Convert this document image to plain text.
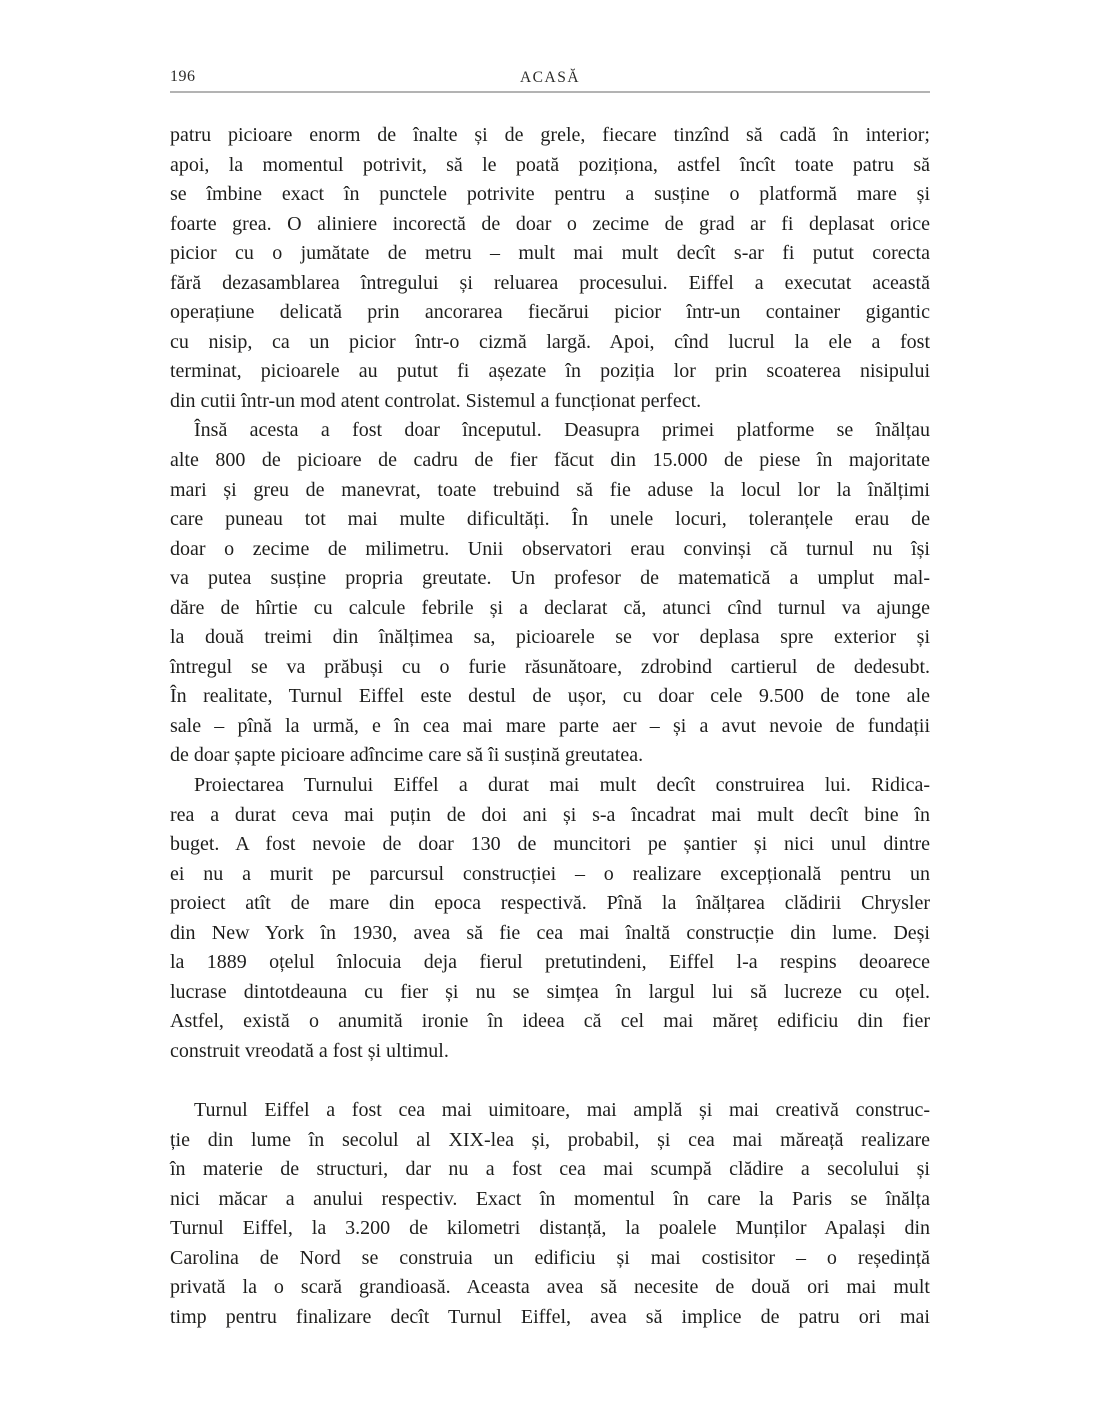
196	ACASĂ
patru picioare enorm de înalte și de grele, fiecare tinzînd să cadă în interior;
apoi, la momentul potrivit, să le poată poziționa, astfel încît toate patru să
se îmbine exact în punctele potrivite pentru a susține o platformă mare și
foarte grea. O aliniere incorectă de doar o zecime de grad ar fi deplasat orice
picior cu o jumătate de metru – mult mai mult decît s-ar fi putut corecta
fără dezasamblarea întregului și reluarea procesului. Eiffel a executat această
operațiune delicată prin ancorarea fiecărui picior într-un container gigantic
cu nisip, ca un picior într-o cizmă largă. Apoi, cînd lucrul la ele a fost
terminat, picioarele au putut fi așezate în poziția lor prin scoaterea nisipului
din cutii într-un mod atent controlat. Sistemul a funcționat perfect.
Însă acesta a fost doar începutul. Deasupra primei platforme se înălțau
alte 800 de picioare de cadru de fier făcut din 15.000 de piese în majoritate
mari și greu de manevrat, toate trebuind să fie aduse la locul lor la înălțimi
care puneau tot mai multe dificultăți. În unele locuri, toleranțele erau de
doar o zecime de milimetru. Unii observatori erau convinși că turnul nu își
va putea susține propria greutate. Un profesor de matematică a umplut mal-
dăre de hîrtie cu calcule febrile și a declarat că, atunci cînd turnul va ajunge
la două treimi din înălțimea sa, picioarele se vor deplasa spre exterior și
întregul se va prăbuși cu o furie răsunătoare, zdrobind cartierul de dedesubt.
În realitate, Turnul Eiffel este destul de ușor, cu doar cele 9.500 de tone ale
sale – pînă la urmă, e în cea mai mare parte aer – și a avut nevoie de fundații
de doar șapte picioare adîncime care să îi susțină greutatea.
Proiectarea Turnului Eiffel a durat mai mult decît construirea lui. Ridica-
rea a durat ceva mai puțin de doi ani și s-a încadrat mai mult decît bine în
buget. A fost nevoie de doar 130 de muncitori pe șantier și nici unul dintre
ei nu a murit pe parcursul construcției – o realizare excepțională pentru un
proiect atît de mare din epoca respectivă. Pînă la înălțarea clădirii Chrysler
din New York în 1930, avea să fie cea mai înaltă construcție din lume. Deși
la 1889 oțelul înlocuia deja fierul pretutindeni, Eiffel l-a respins deoarece
lucrase dintotdeauna cu fier și nu se simțea în largul lui să lucreze cu oțel.
Astfel, există o anumită ironie în ideea că cel mai măreț edificiu din fier
construit vreodată a fost și ultimul.
Turnul Eiffel a fost cea mai uimitoare, mai amplă și mai creativă construc-
ție din lume în secolul al XIX-lea și, probabil, și cea mai măreață realizare
în materie de structuri, dar nu a fost cea mai scumpă clădire a secolului și
nici măcar a anului respectiv. Exact în momentul în care la Paris se înălța
Turnul Eiffel, la 3.200 de kilometri distanță, la poalele Munților Apalași din
Carolina de Nord se construia un edificiu și mai costisitor – o reședință
privată la o scară grandioasă. Aceasta avea să necesite de două ori mai mult
timp pentru finalizare decît Turnul Eiffel, avea să implice de patru ori mai
